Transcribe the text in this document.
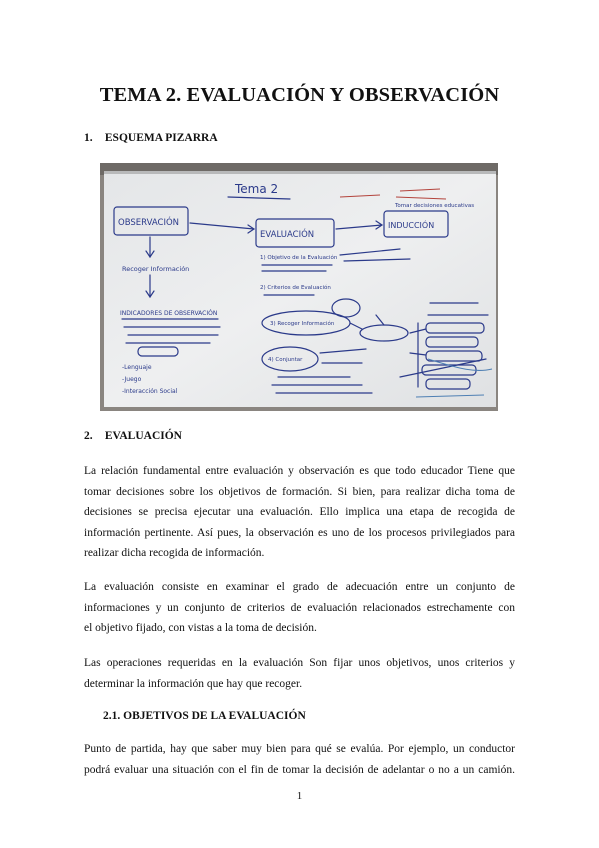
TEMA 2. EVALUACIÓN Y OBSERVACIÓN
1. ESQUEMA PIZARRA
Tema 2
OBSERVACIÓN
EVALUACIÓN
INDUCCIÓN
Tomar decisiones educativas
Recoger Información
INDICADORES DE OBSERVACIÓN
-Lenguaje
-Juego
-Interacción Social
1) Objetivo de la Evaluación
2) Criterios de Evaluación
3) Recoger Información
4) Conjuntar
2. EVALUACIÓN
La relación fundamental entre evaluación y observación es que todo educador Tiene que
tomar decisiones sobre los objetivos de formación. Si bien, para realizar dicha toma de
decisiones se precisa ejecutar una evaluación. Ello implica una etapa de recogida de
información pertinente. Así pues, la observación es uno de los procesos privilegiados para
realizar dicha recogida de información.
La evaluación consiste en examinar el grado de adecuación entre un conjunto de
informaciones y un conjunto de criterios de evaluación relacionados estrechamente con
el objetivo fijado, con vistas a la toma de decisión.
Las operaciones requeridas en la evaluación Son fijar unos objetivos, unos criterios y
determinar la información que hay que recoger.
2.1. OBJETIVOS DE LA EVALUACIÓN
Punto de partida, hay que saber muy bien para qué se evalúa. Por ejemplo, un conductor
podrá evaluar una situación con el fin de tomar la decisión de adelantar o no a un camión.
1
